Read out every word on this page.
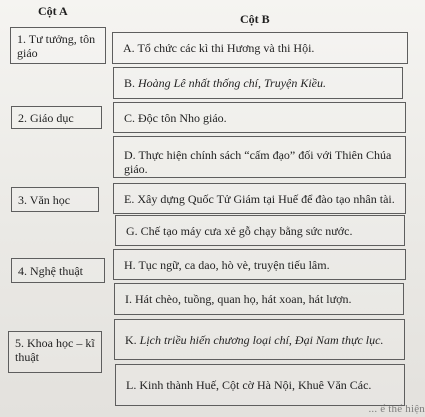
Cột A
Cột B
1. Tư tưởng, tôn giáo
2. Giáo dục
3. Văn học
4. Nghệ thuật
5. Khoa học – kĩ thuật
A. Tổ chức các kì thi Hương và thi Hội.
B. Hoàng Lê nhất thống chí, Truyện Kiều.
C. Độc tôn Nho giáo.
D. Thực hiện chính sách “cấm đạo” đối với Thiên Chúa giáo.
E. Xây dựng Quốc Tử Giám tại Huế để đào tạo nhân tài.
G. Chế tạo máy cưa xẻ gỗ chạy bằng sức nước.
H. Tục ngữ, ca dao, hò vè, truyện tiếu lâm.
I. Hát chèo, tuồng, quan họ, hát xoan, hát lượn.
K. Lịch triều hiến chương loại chí, Đại Nam thực lục.
L. Kinh thành Huế, Cột cờ Hà Nội, Khuê Văn Các.
... ể thể hiện
